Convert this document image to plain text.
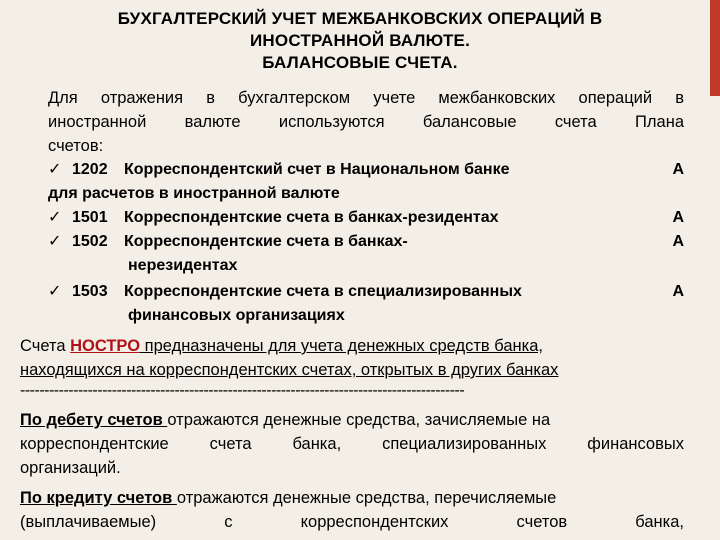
БУХГАЛТЕРСКИЙ УЧЕТ МЕЖБАНКОВСКИХ ОПЕРАЦИЙ В
ИНОСТРАННОЙ ВАЛЮТЕ.
БАЛАНСОВЫЕ СЧЕТА.
Для отражения в бухгалтерском учете межбанковских операций в
иностранной валюте используются балансовые счета Плана
счетов:
✓ 1202 Корреспондентский счет в Национальном банке	А
для расчетов в иностранной валюте
✓ 1501 Корреспондентские счета в банках-резидентах	А
✓ 1502 Корреспондентские счета в банках-	А
нерезидентах
✓ 1503 Корреспондентские счета в специализированных	А
финансовых организациях
Счета НОСТРО предназначены для учета денежных средств банка,
находящихся на корреспондентских счетах, открытых в других банках
--------------------------------------------------------------------------------------------
По дебету счетов отражаются денежные средства, зачисляемые на
корреспондентские счета банка, специализированных финансовых
организаций.
По кредиту счетов отражаются денежные средства, перечисляемые
(выплачиваемые) с корреспондентских счетов банка,
